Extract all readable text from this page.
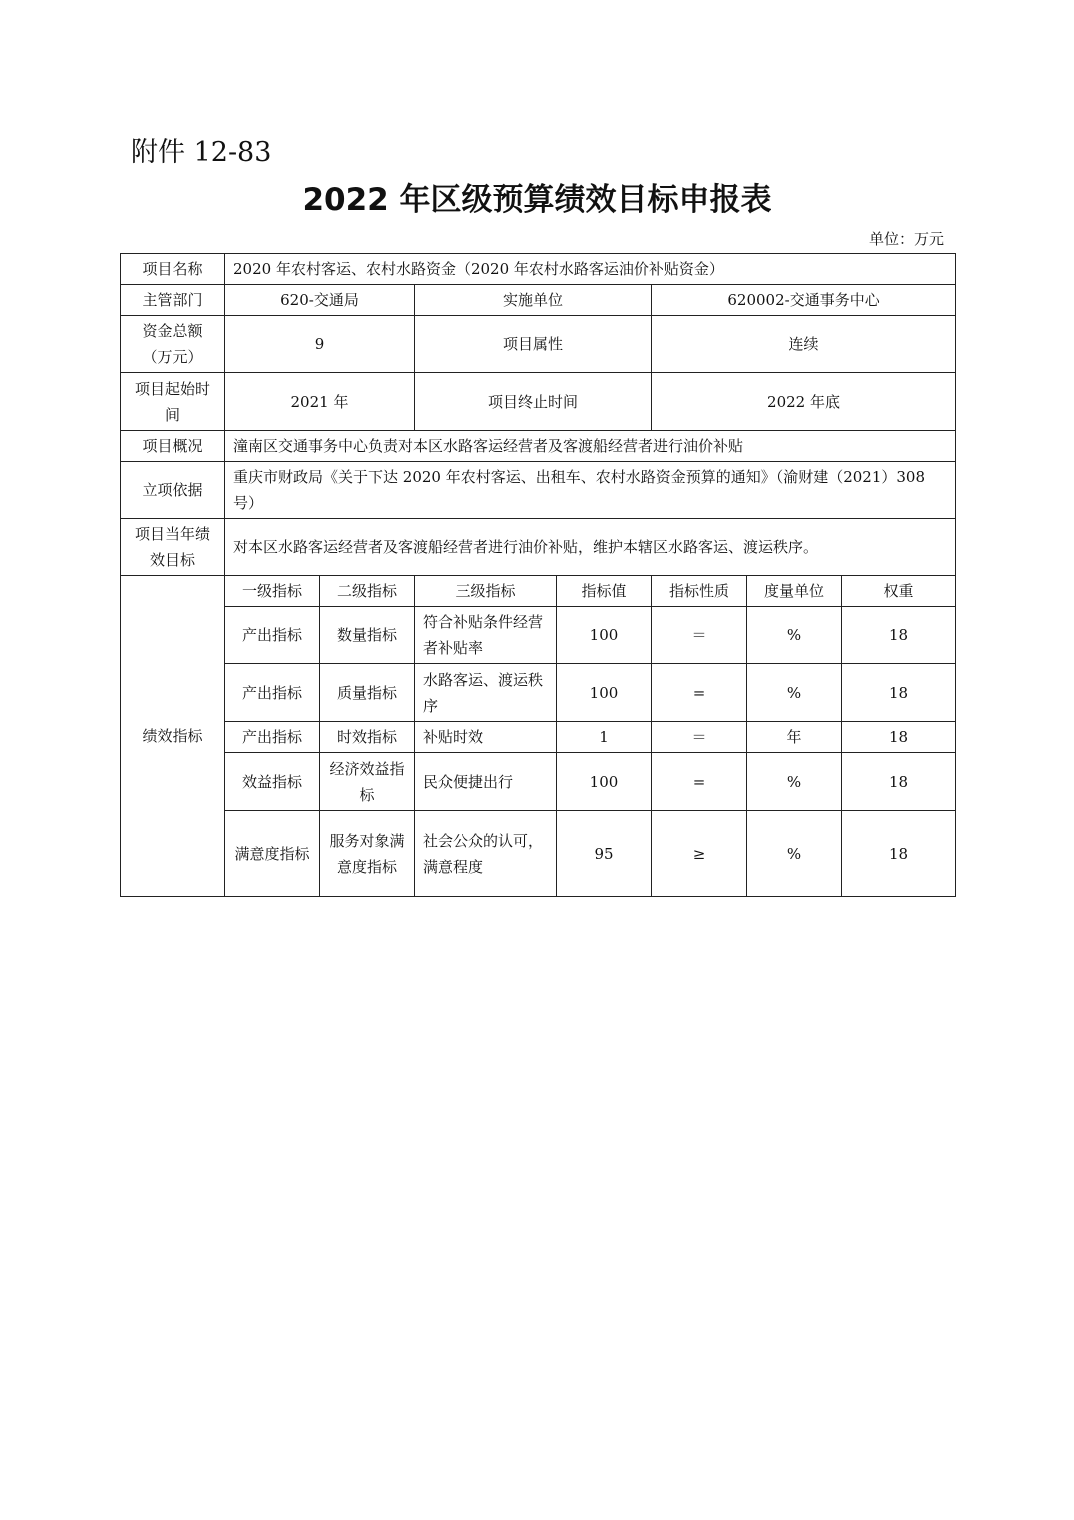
附件 12-83
2022 年区级预算绩效目标申报表
单位：万元
项目名称	2020 年农村客运、农村水路资金（2020 年农村水路客运油价补贴资金）						
主管部门	620-交通局		实施单位		620002-交通事务中心		
资金总额（万元）	9		项目属性		连续		
项目起始时间	2021 年		项目终止时间		2022 年底		
项目概况	潼南区交通事务中心负责对本区水路客运经营者及客渡船经营者进行油价补贴						
立项依据	重庆市财政局《关于下达 2020 年农村客运、出租车、农村水路资金预算的通知》（渝财建（2021）308 号）						
项目当年绩效目标	对本区水路客运经营者及客渡船经营者进行油价补贴，维护本辖区水路客运、渡运秩序。						
绩效指标	一级指标	二级指标	三级指标	指标值	指标性质	度量单位	权重
	产出指标	数量指标	符合补贴条件经营者补贴率	100	＝	%	18
	产出指标	质量指标	水路客运、渡运秩序	100	=	%	18
	产出指标	时效指标	补贴时效	1	＝	年	18
	效益指标	经济效益指标	民众便捷出行	100	=	%	18
	满意度指标	服务对象满意度指标	社会公众的认可，满意程度	95	≥	%	18
